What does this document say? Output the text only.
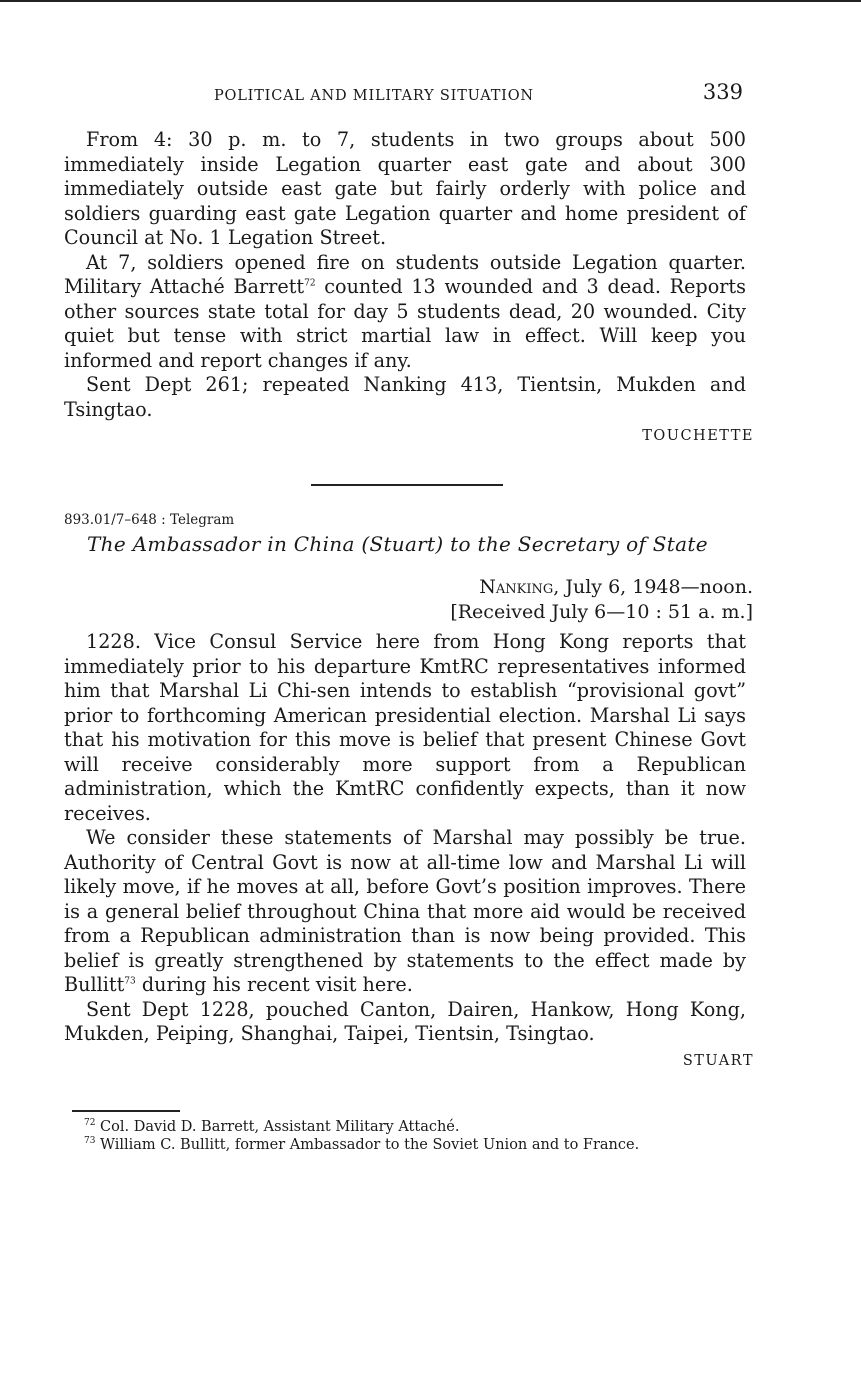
POLITICAL AND MILITARY SITUATION	339

From 4: 30 p. m. to 7, students in two groups about 500 immediately inside Legation quarter east gate and about 300 immediately outside east gate but fairly orderly with police and soldiers guarding east gate Legation quarter and home president of Council at No. 1 Legation Street.

At 7, soldiers opened fire on students outside Legation quarter. Military Attaché Barrett$^{72}$ counted 13 wounded and 3 dead. Reports other sources state total for day 5 students dead, 20 wounded. City quiet but tense with strict martial law in effect. Will keep you informed and report changes if any.

Sent Dept 261; repeated Nanking 413, Tientsin, Mukden and Tsingtao.

TOUCHETTE
893.01/7–648 : Telegram
The Ambassador in China (Stuart) to the Secretary of State
Nanking, July 6, 1948—noon.
[Received July 6—10 : 51 a. m.]

1228. Vice Consul Service here from Hong Kong reports that immediately prior to his departure KmtRC representatives informed him that Marshal Li Chi-sen intends to establish “provisional govt” prior to forthcoming American presidential election. Marshal Li says that his motivation for this move is belief that present Chinese Govt will receive considerably more support from a Republican administration, which the KmtRC confidently expects, than it now receives.

We consider these statements of Marshal may possibly be true. Authority of Central Govt is now at all-time low and Marshal Li will likely move, if he moves at all, before Govt’s position improves. There is a general belief throughout China that more aid would be received from a Republican administration than is now being provided. This belief is greatly strengthened by statements to the effect made by Bullitt$^{73}$ during his recent visit here.

Sent Dept 1228, pouched Canton, Dairen, Hankow, Hong Kong, Mukden, Peiping, Shanghai, Taipei, Tientsin, Tsingtao.

STUART

$^{72}$ Col. David D. Barrett, Assistant Military Attaché.

$^{73}$ William C. Bullitt, former Ambassador to the Soviet Union and to France.
